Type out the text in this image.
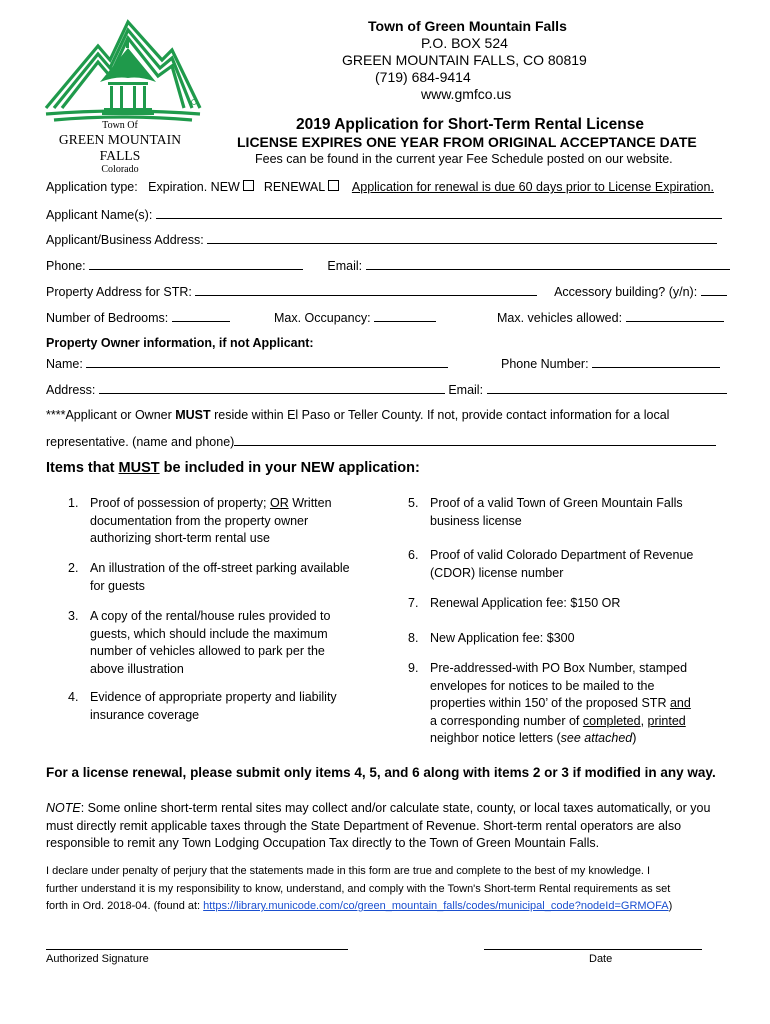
Town Of
GREEN MOUNTAIN FALLS
Colorado
Town of Green Mountain Falls
P.O. BOX 524
GREEN MOUNTAIN FALLS, CO 80819
(719) 684-9414
www.gmfco.us
2019 Application for Short-Term Rental License
LICENSE EXPIRES ONE YEAR FROM ORIGINAL ACCEPTANCE DATE
Fees can be found in the current year Fee Schedule posted on our website.
Application type: Expiration. NEW RENEWAL Application for renewal is due 60 days prior to License Expiration.
Applicant Name(s):
Applicant/Business Address:
Phone:	Email:
Property Address for STR:	Accessory building? (y/n):
Number of Bedrooms:	Max. Occupancy:	Max. vehicles allowed:
Property Owner information, if not Applicant:
Name:	Phone Number:
Address:	Email:
****Applicant or Owner MUST reside within El Paso or Teller County. If not, provide contact information for a local
representative. (name and phone)
Items that MUST be included in your NEW application:
1. Proof of possession of property; OR Written
documentation from the property owner
authorizing short-term rental use
2. An illustration of the off-street parking available
for guests
3. A copy of the rental/house rules provided to
guests, which should include the maximum
number of vehicles allowed to park per the
above illustration
4. Evidence of appropriate property and liability
insurance coverage
5. Proof of a valid Town of Green Mountain Falls
business license
6. Proof of valid Colorado Department of Revenue
(CDOR) license number
7. Renewal Application fee: $150 OR
8. New Application fee: $300
9. Pre-addressed-with PO Box Number, stamped
envelopes for notices to be mailed to the
properties within 150’ of the proposed STR and
a corresponding number of completed, printed
neighbor notice letters (see attached)
For a license renewal, please submit only items 4, 5, and 6 along with items 2 or 3 if modified in any way.
NOTE: Some online short-term rental sites may collect and/or calculate state, county, or local taxes automatically, or you
must directly remit applicable taxes through the State Department of Revenue. Short-term rental operators are also
responsible to remit any Town Lodging Occupation Tax directly to the Town of Green Mountain Falls.
I declare under penalty of perjury that the statements made in this form are true and complete to the best of my knowledge. I
further understand it is my responsibility to know, understand, and comply with the Town's Short-term Rental requirements as set
forth in Ord. 2018-04. (found at: https://library.municode.com/co/green_mountain_falls/codes/municipal_code?nodeId=GRMOFA)
Authorized Signature	Date
